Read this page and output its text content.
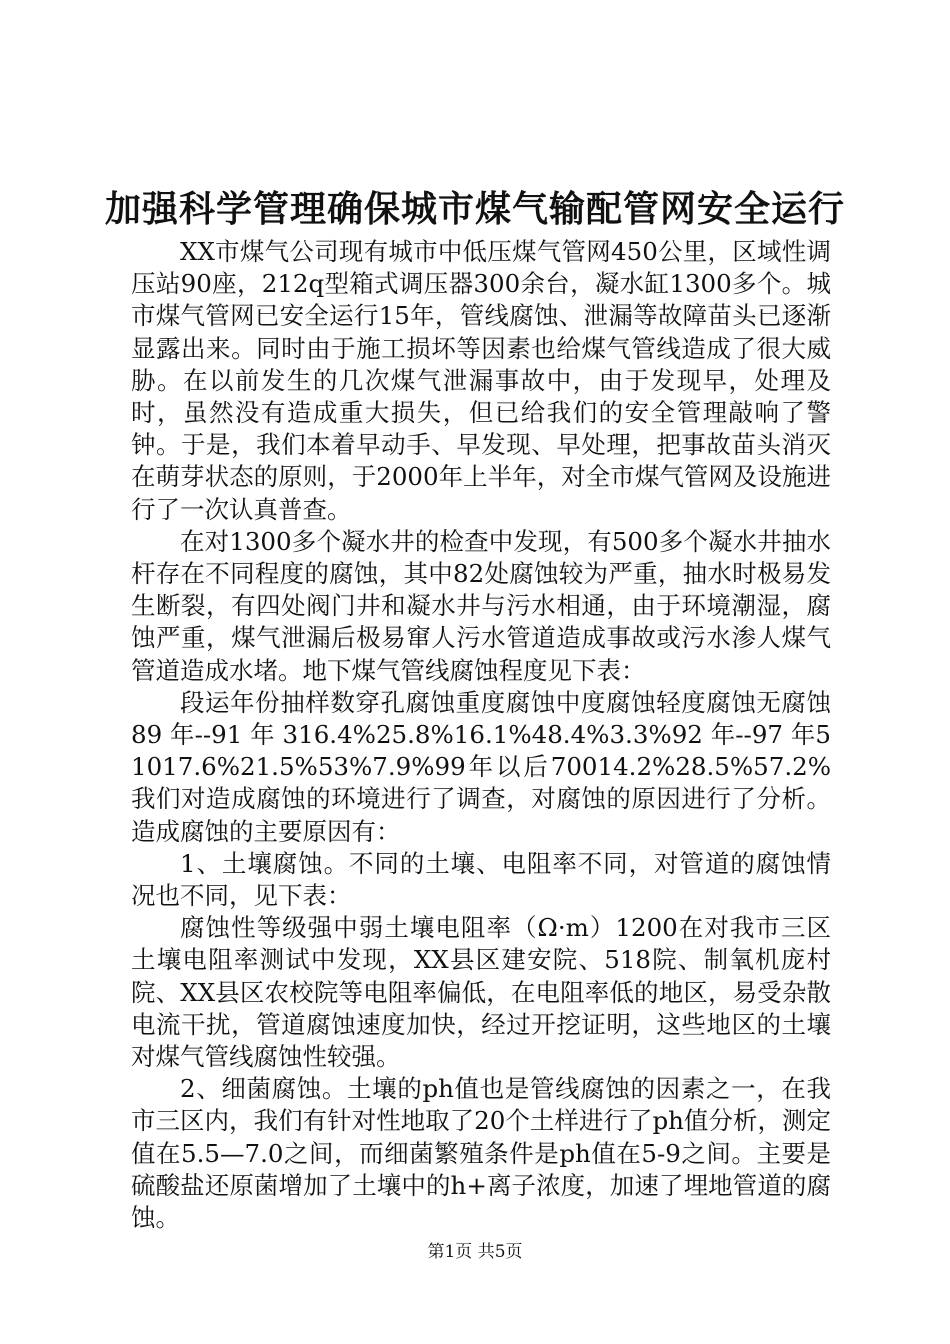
加强科学管理确保城市煤气输配管网安全运行

XX市煤气公司现有城市中低压煤气管网450公里，区域性调压站90座，212q型箱式调压器300余台，凝水缸1300多个。城市煤气管网已安全运行15年，管线腐蚀、泄漏等故障苗头已逐渐显露出来。同时由于施工损坏等因素也给煤气管线造成了很大威胁。在以前发生的几次煤气泄漏事故中，由于发现早，处理及时，虽然没有造成重大损失，但已给我们的安全管理敲响了警钟。于是，我们本着早动手、早发现、早处理，把事故苗头消灭在萌芽状态的原则，于2000年上半年，对全市煤气管网及设施进行了一次认真普查。

在对1300多个凝水井的检查中发现，有500多个凝水井抽水杆存在不同程度的腐蚀，其中82处腐蚀较为严重，抽水时极易发生断裂，有四处阀门井和凝水井与污水相通，由于环境潮湿，腐蚀严重，煤气泄漏后极易窜人污水管道造成事故或污水渗人煤气管道造成水堵。地下煤气管线腐蚀程度见下表：

段运年份抽样数穿孔腐蚀重度腐蚀中度腐蚀轻度腐蚀无腐蚀 89 年--91 年 316.4%25.8%16.1%48.4%3.3%92 年--97 年51017.6%21.5%53%7.9%99年以后70014.2%28.5%57.2%我们对造成腐蚀的环境进行了调查，对腐蚀的原因进行了分析。造成腐蚀的主要原因有：

1、土壤腐蚀。不同的土壤、电阻率不同，对管道的腐蚀情况也不同，见下表：

腐蚀性等级强中弱土壤电阻率（Ω·m）1200在对我市三区土壤电阻率测试中发现，XX县区建安院、518院、制氧机庞村院、XX县区农校院等电阻率偏低，在电阻率低的地区，易受杂散电流干扰，管道腐蚀速度加快，经过开挖证明，这些地区的土壤对煤气管线腐蚀性较强。

2、细菌腐蚀。土壤的ph值也是管线腐蚀的因素之一，在我市三区内，我们有针对性地取了20个土样进行了ph值分析，测定值在5.5—7.0之间，而细菌繁殖条件是ph值在5-9之间。主要是硫酸盐还原菌增加了土壤中的h+离子浓度，加速了埋地管道的腐蚀。

第1页 共5页
